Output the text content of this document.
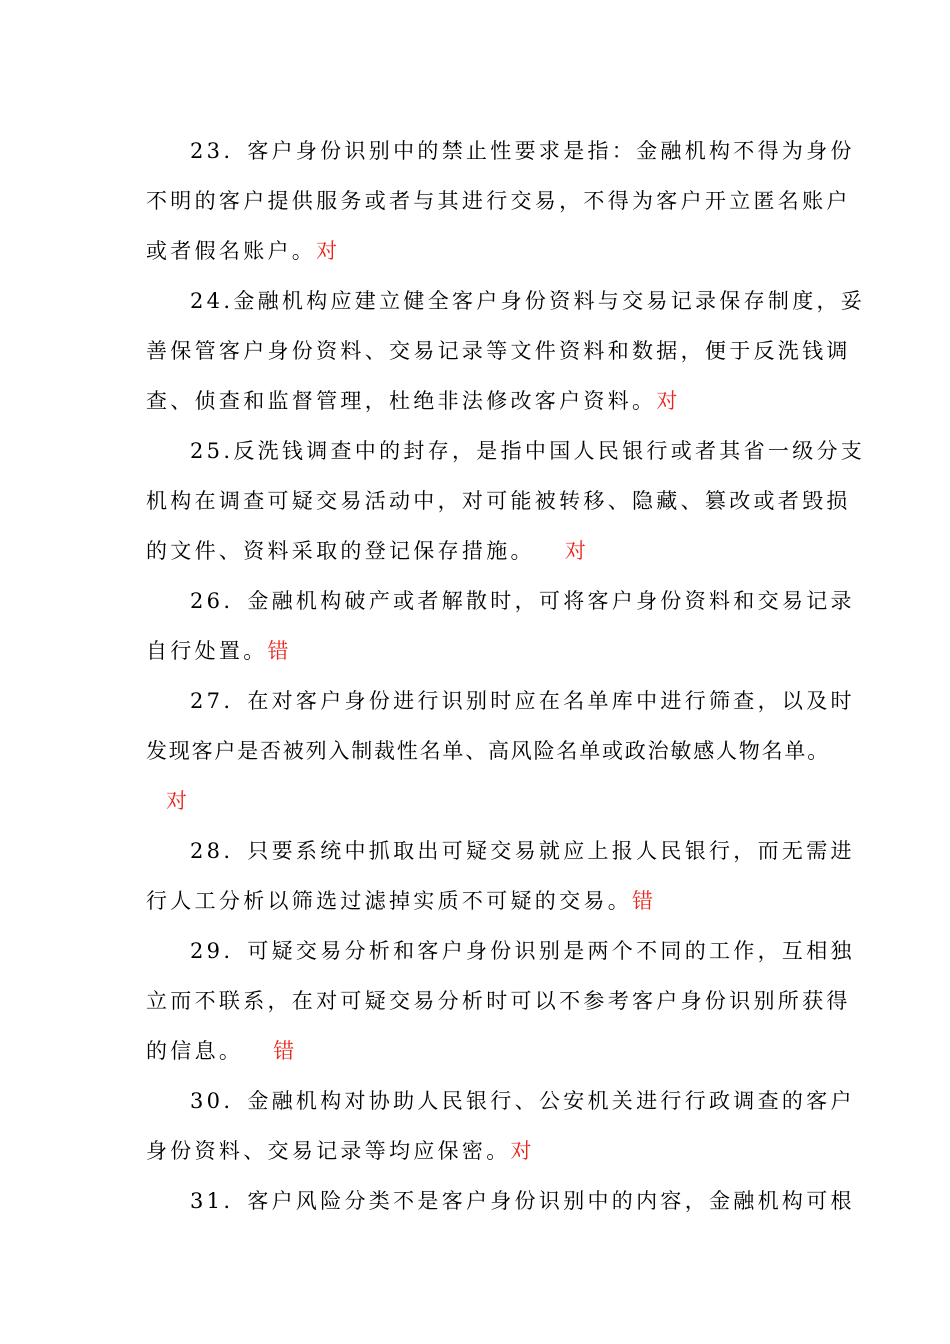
23. 客户身份识别中的禁止性要求是指：金融机构不得为身份
不明的客户提供服务或者与其进行交易，不得为客户开立匿名账户
或者假名账户。对
24.金融机构应建立健全客户身份资料与交易记录保存制度，妥
善保管客户身份资料、交易记录等文件资料和数据，便于反洗钱调
查、侦查和监督管理，杜绝非法修改客户资料。对
25.反洗钱调查中的封存，是指中国人民银行或者其省一级分支
机构在调查可疑交易活动中，对可能被转移、隐藏、篡改或者毁损
的文件、资料采取的登记保存措施。 对
26. 金融机构破产或者解散时，可将客户身份资料和交易记录
自行处置。错
27. 在对客户身份进行识别时应在名单库中进行筛查，以及时
发现客户是否被列入制裁性名单、高风险名单或政治敏感人物名单。
对
28. 只要系统中抓取出可疑交易就应上报人民银行，而无需进
行人工分析以筛选过滤掉实质不可疑的交易。错
29. 可疑交易分析和客户身份识别是两个不同的工作，互相独
立而不联系，在对可疑交易分析时可以不参考客户身份识别所获得
的信息。 错
30. 金融机构对协助人民银行、公安机关进行行政调查的客户
身份资料、交易记录等均应保密。对
31. 客户风险分类不是客户身份识别中的内容，金融机构可根
